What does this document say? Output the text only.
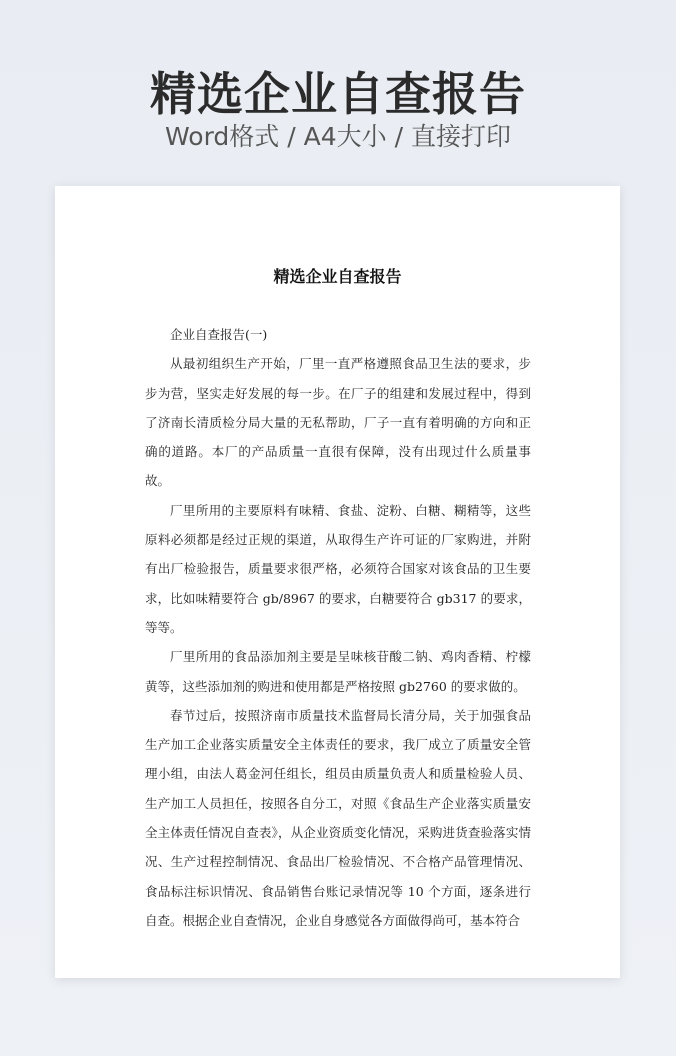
精选企业自查报告
Word格式 / A4大小 / 直接打印
精选企业自查报告

企业自查报告(一)

从最初组织生产开始，厂里一直严格遵照食品卫生法的要求，步步为营，坚实走好发展的每一步。在厂子的组建和发展过程中，得到了济南长清质检分局大量的无私帮助，厂子一直有着明确的方向和正确的道路。本厂的产品质量一直很有保障，没有出现过什么质量事故。

厂里所用的主要原料有味精、食盐、淀粉、白糖、糊精等，这些原料必须都是经过正规的渠道，从取得生产许可证的厂家购进，并附有出厂检验报告，质量要求很严格，必须符合国家对该食品的卫生要求，比如味精要符合 gb/8967 的要求，白糖要符合 gb317 的要求，等等。

厂里所用的食品添加剂主要是呈味核苷酸二钠、鸡肉香精、柠檬黄等，这些添加剂的购进和使用都是严格按照 gb2760 的要求做的。

春节过后，按照济南市质量技术监督局长清分局，关于加强食品生产加工企业落实质量安全主体责任的要求，我厂成立了质量安全管理小组，由法人葛金河任组长，组员由质量负责人和质量检验人员、生产加工人员担任，按照各自分工，对照《食品生产企业落实质量安全主体责任情况自查表》，从企业资质变化情况，采购进货查验落实情况、生产过程控制情况、食品出厂检验情况、不合格产品管理情况、食品标注标识情况、食品销售台账记录情况等 10 个方面，逐条进行自查。根据企业自查情况，企业自身感觉各方面做得尚可，基本符合
